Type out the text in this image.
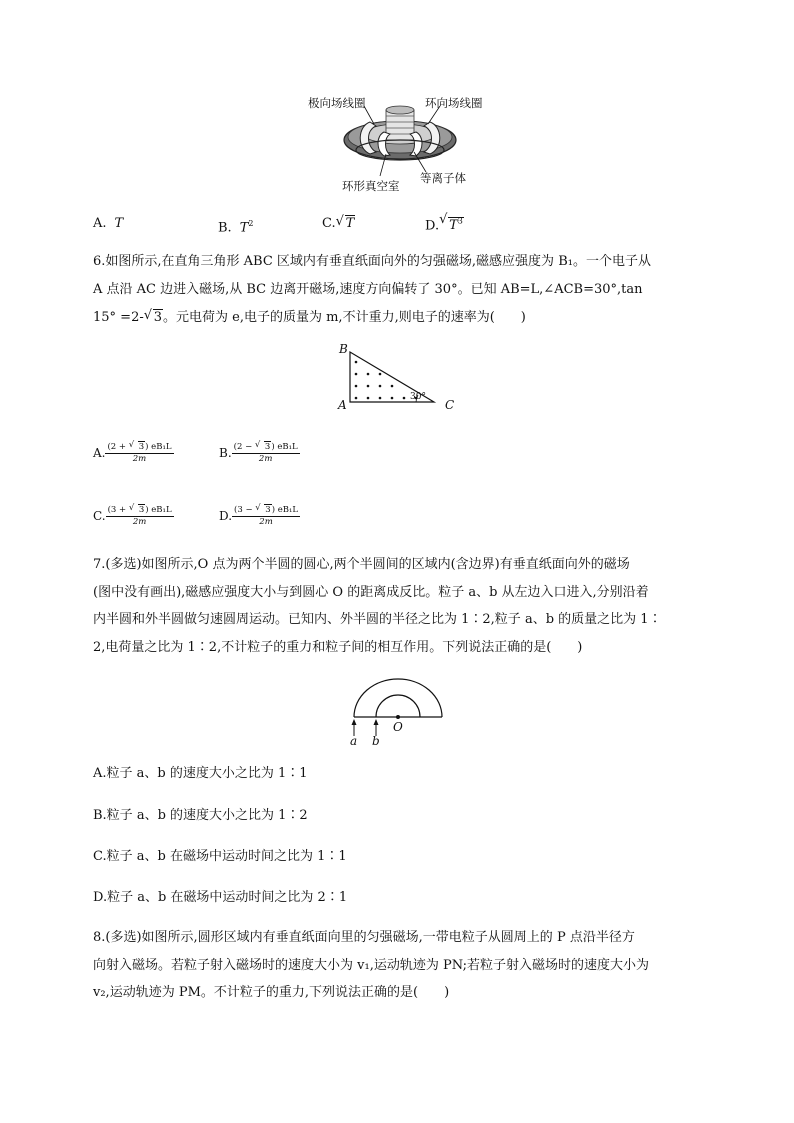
极向场线圈	环向场线圈
环形真空室
等离子体
A. T	B. $T^2$	C. √ T	D. √ $T^3$
6.如图所示,在直角三角形 ABC 区域内有垂直纸面向外的匀强磁场,磁感应强度为 B₁。一个电子从
A 点沿 AC 边进入磁场,从 BC 边离开磁场,速度方向偏转了 30°。已知 AB=L,∠ACB=30°,tan
15° =2- √ 3。元电荷为 e,电子的质量为 m,不计重力,则电子的速率为(　　)
B
A	C
30°
A. $\frac{\text{(2 + √ 3) eB₁L}}{2m}$	B. $\frac{\text{(2 − √ 3) eB₁L}}{2m}$
C. $\frac{\text{(3 + √ 3) eB₁L}}{2m}$	D. $\frac{\text{(3 − √ 3) eB₁L}}{2m}$
7.(多选)如图所示,O 点为两个半圆的圆心,两个半圆间的区域内(含边界)有垂直纸面向外的磁场
(图中没有画出),磁感应强度大小与到圆心 O 的距离成反比。粒子 a、b 从左边入口进入,分别沿着
内半圆和外半圆做匀速圆周运动。已知内、外半圆的半径之比为 1∶2,粒子 a、b 的质量之比为 1∶
2,电荷量之比为 1∶2,不计粒子的重力和粒子间的相互作用。下列说法正确的是(　　)
a b
O
A.粒子 a、b 的速度大小之比为 1∶1
B.粒子 a、b 的速度大小之比为 1∶2
C.粒子 a、b 在磁场中运动时间之比为 1∶1
D.粒子 a、b 在磁场中运动时间之比为 2∶1
8.(多选)如图所示,圆形区域内有垂直纸面向里的匀强磁场,一带电粒子从圆周上的 P 点沿半径方
向射入磁场。若粒子射入磁场时的速度大小为 v₁,运动轨迹为 PN;若粒子射入磁场时的速度大小为
v₂,运动轨迹为 PM。不计粒子的重力,下列说法正确的是(　　)
